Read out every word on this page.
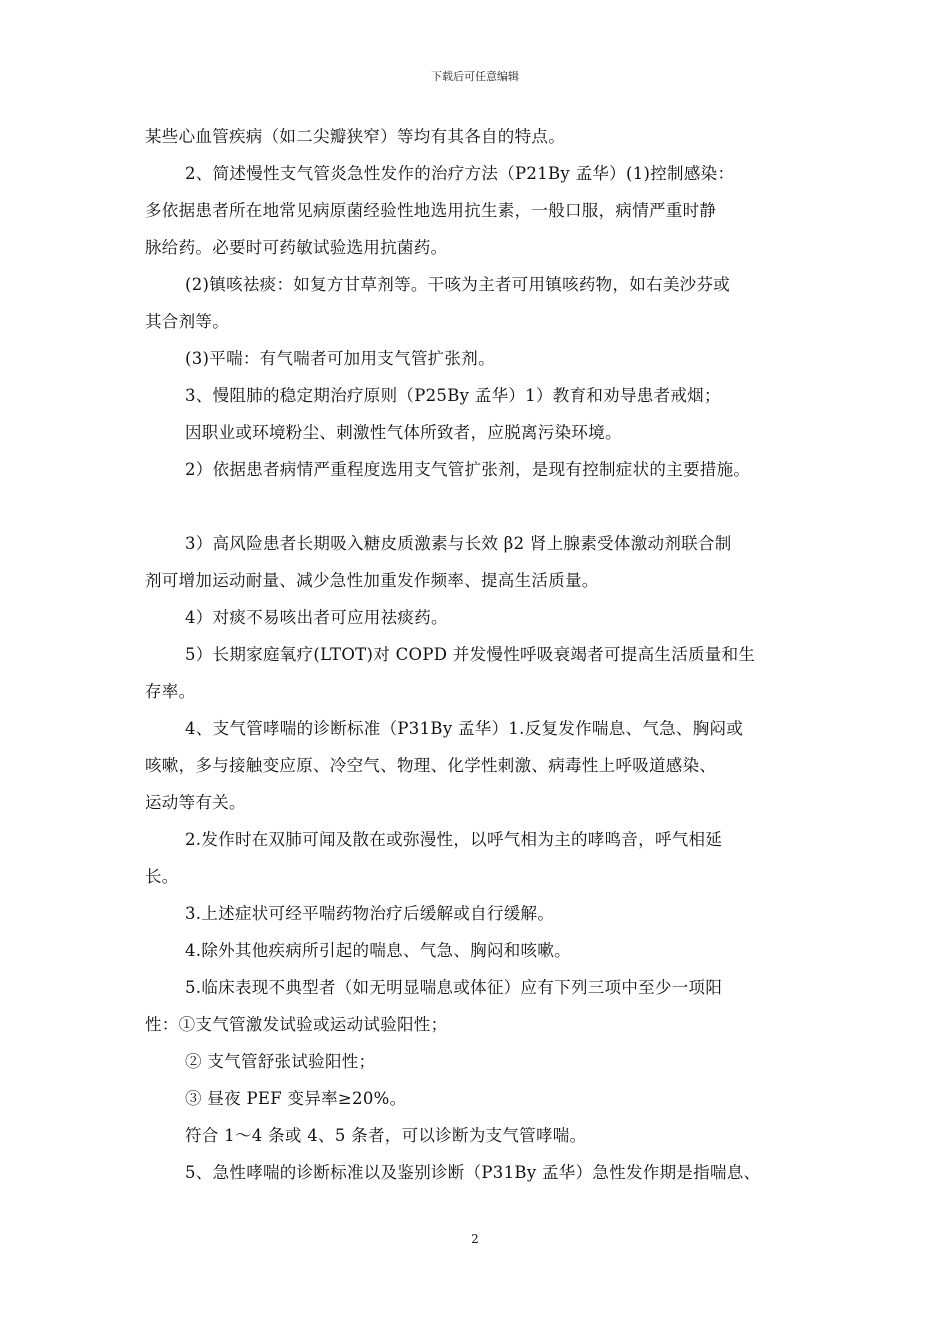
下载后可任意编辑

某些心血管疾病（如二尖瓣狭窄）等均有其各自的特点。

2、简述慢性支气管炎急性发作的治疗方法（P21By 孟华）(1)控制感染：

多依据患者所在地常见病原菌经验性地选用抗生素，一般口服，病情严重时静

脉给药。必要时可药敏试验选用抗菌药。

(2)镇咳祛痰：如复方甘草剂等。干咳为主者可用镇咳药物，如右美沙芬或

其合剂等。

(3)平喘：有气喘者可加用支气管扩张剂。

3、慢阻肺的稳定期治疗原则（P25By 孟华）1）教育和劝导患者戒烟；

因职业或环境粉尘、刺激性气体所致者，应脱离污染环境。

2）依据患者病情严重程度选用支气管扩张剂，是现有控制症状的主要措施。

3）高风险患者长期吸入糖皮质激素与长效 β2 肾上腺素受体激动剂联合制

剂可增加运动耐量、减少急性加重发作频率、提高生活质量。

4）对痰不易咳出者可应用祛痰药。

5）长期家庭氧疗(LTOT)对 COPD 并发慢性呼吸衰竭者可提高生活质量和生

存率。

4、支气管哮喘的诊断标准（P31By 孟华）1.反复发作喘息、气急、胸闷或

咳嗽，多与接触变应原、冷空气、物理、化学性刺激、病毒性上呼吸道感染、

运动等有关。

2.发作时在双肺可闻及散在或弥漫性，以呼气相为主的哮鸣音，呼气相延

长。

3.上述症状可经平喘药物治疗后缓解或自行缓解。

4.除外其他疾病所引起的喘息、气急、胸闷和咳嗽。

5.临床表现不典型者（如无明显喘息或体征）应有下列三项中至少一项阳

性：①支气管激发试验或运动试验阳性；

② 支气管舒张试验阳性；

③ 昼夜 PEF 变异率≥20%。

符合 1～4 条或 4、5 条者，可以诊断为支气管哮喘。

5、急性哮喘的诊断标准以及鉴别诊断（P31By 孟华）急性发作期是指喘息、

2
